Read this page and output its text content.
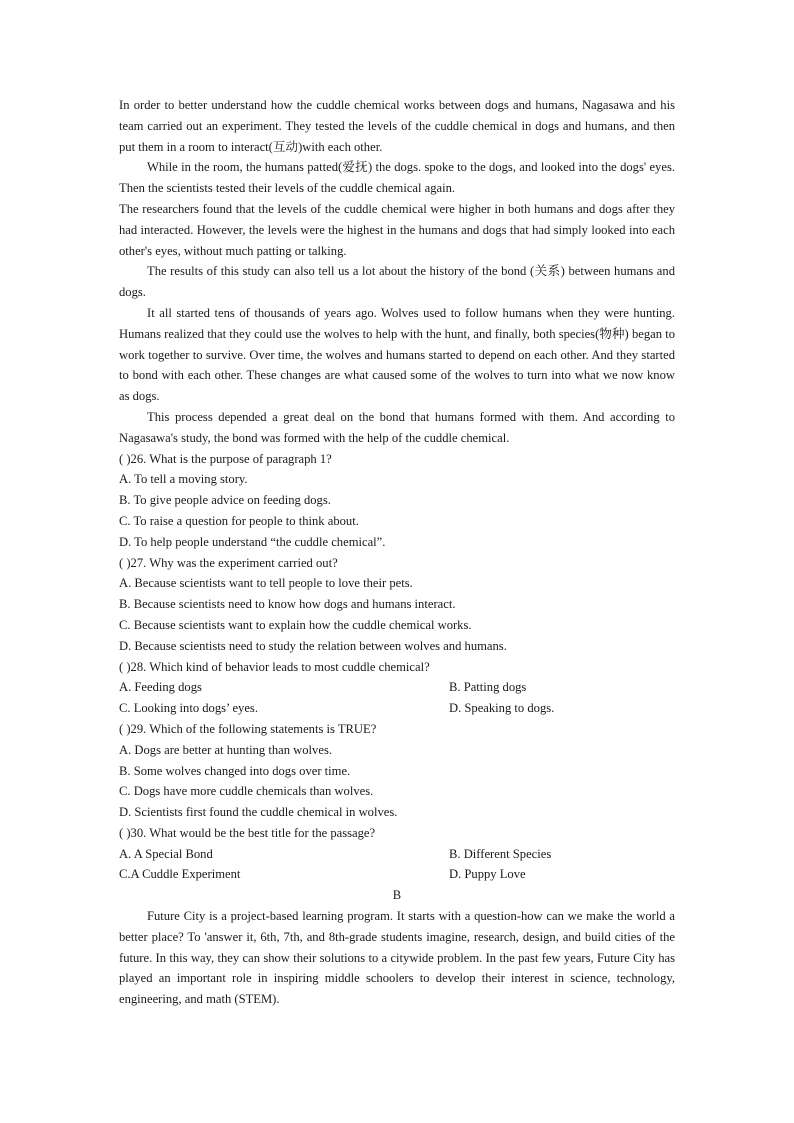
In order to better understand how the cuddle chemical works between dogs and humans, Nagasawa and his team carried out an experiment. They tested the levels of the cuddle chemical in dogs and humans, and then put them in a room to interact(互动)with each other.

While in the room, the humans patted(爱抚) the dogs. spoke to the dogs, and looked into the dogs' eyes. Then the scientists tested their levels of the cuddle chemical again.

The researchers found that the levels of the cuddle chemical were higher in both humans and dogs after they had interacted. However, the levels were the highest in the humans and dogs that had simply looked into each other's eyes, without much patting or talking.

The results of this study can also tell us a lot about the history of the bond (关系) between humans and dogs.

It all started tens of thousands of years ago. Wolves used to follow humans when they were hunting. Humans realized that they could use the wolves to help with the hunt, and finally, both species(物种) began to work together to survive. Over time, the wolves and humans started to depend on each other. And they started to bond with each other. These changes are what caused some of the wolves to turn into what we now know as dogs.

This process depended a great deal on the bond that humans formed with them. And according to Nagasawa's study, the bond was formed with the help of the cuddle chemical.

( )26. What is the purpose of paragraph 1?
A. To tell a moving story.
B. To give people advice on feeding dogs.
C. To raise a question for people to think about.
D. To help people understand “the cuddle chemical”.
( )27. Why was the experiment carried out?
A. Because scientists want to tell people to love their pets.
B. Because scientists need to know how dogs and humans interact.
C. Because scientists want to explain how the cuddle chemical works.
D. Because scientists need to study the relation between wolves and humans.
( )28. Which kind of behavior leads to most cuddle chemical?
A. Feeding dogs	B. Patting dogs
C. Looking into dogs’ eyes.	D. Speaking to dogs.
( )29. Which of the following statements is TRUE?
A. Dogs are better at hunting than wolves.
B. Some wolves changed into dogs over time.
C. Dogs have more cuddle chemicals than wolves.
D. Scientists first found the cuddle chemical in wolves.
( )30. What would be the best title for the passage?
A. A Special Bond	B. Different Species
C.A Cuddle Experiment	D. Puppy Love
B

Future City is a project-based learning program. It starts with a question-how can we make the world a better place? To 'answer it, 6th, 7th, and 8th-grade students imagine, research, design, and build cities of the future. In this way, they can show their solutions to a citywide problem. In the past few years, Future City has played an important role in inspiring middle schoolers to develop their interest in science, technology, engineering, and math (STEM).
